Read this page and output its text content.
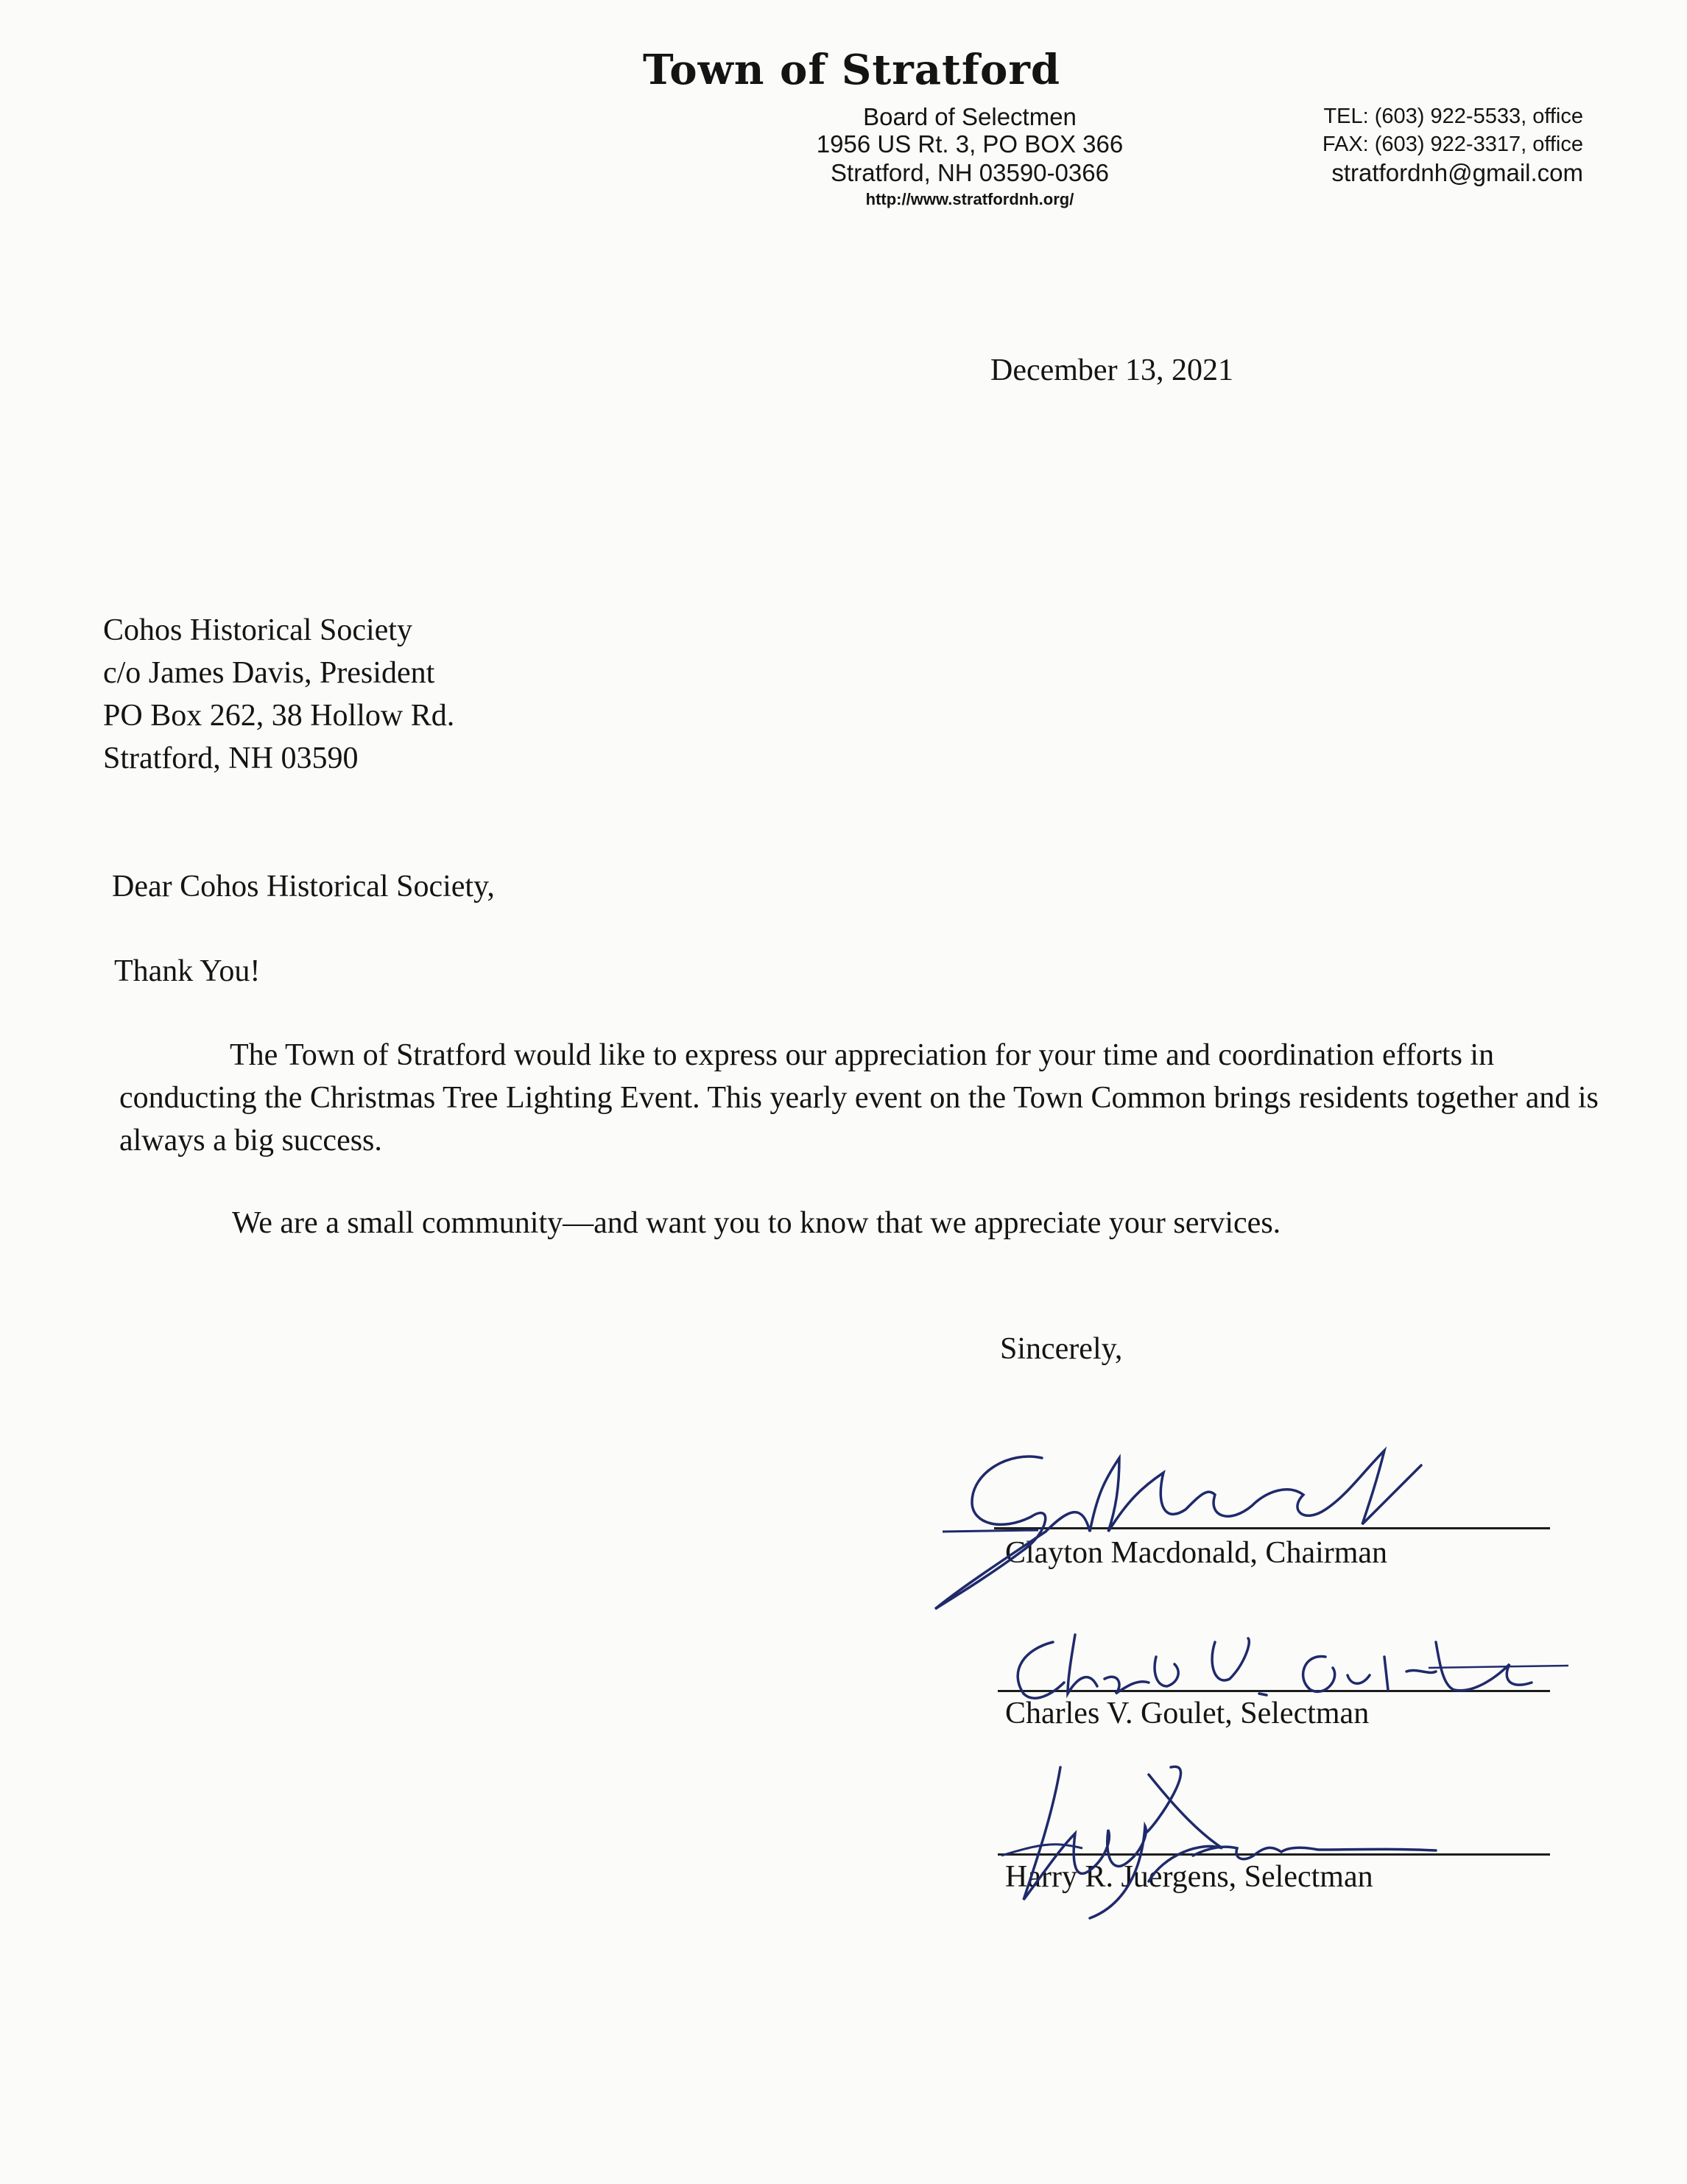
Town of Stratford
Board of Selectmen
1956 US Rt. 3, PO BOX 366
Stratford, NH 03590-0366
http://www.stratfordnh.org/
TEL: (603) 922-5533, office
FAX: (603) 922-3317, office
stratfordnh@gmail.com
December 13, 2021
Cohos Historical Society
c/o James Davis, President
PO Box 262, 38 Hollow Rd.
Stratford, NH 03590
Dear Cohos Historical Society,
Thank You!
The Town of Stratford would like to express our appreciation for your time and coordination efforts in conducting the Christmas Tree Lighting Event. This yearly event on the Town Common brings residents together and is always a big success.
We are a small community—and want you to know that we appreciate your services.
Sincerely,
Clayton Macdonald, Chairman
Charles V. Goulet, Selectman
Harry R. Juergens, Selectman
